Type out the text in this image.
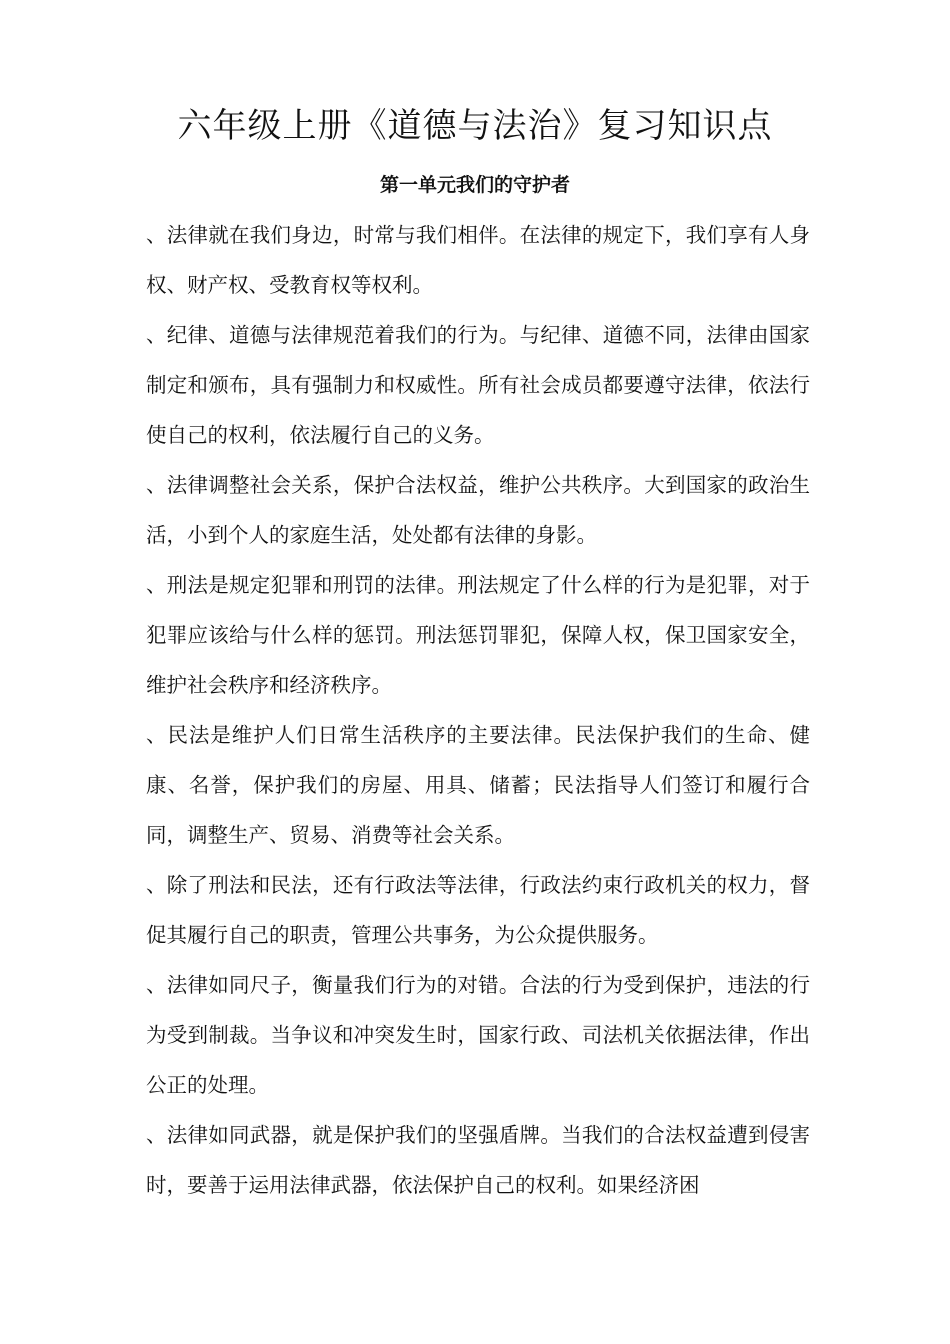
六年级上册《道德与法治》复习知识点
第一单元我们的守护者

、法律就在我们身边，时常与我们相伴。在法律的规定下，我们享有人身权、财产权、受教育权等权利。

、纪律、道德与法律规范着我们的行为。与纪律、道德不同，法律由国家制定和颁布，具有强制力和权威性。所有社会成员都要遵守法律，依法行使自己的权利，依法履行自己的义务。

、法律调整社会关系，保护合法权益，维护公共秩序。大到国家的政治生活，小到个人的家庭生活，处处都有法律的身影。

、刑法是规定犯罪和刑罚的法律。刑法规定了什么样的行为是犯罪，对于犯罪应该给与什么样的惩罚。刑法惩罚罪犯，保障人权，保卫国家安全，维护社会秩序和经济秩序。

、民法是维护人们日常生活秩序的主要法律。民法保护我们的生命、健康、名誉，保护我们的房屋、用具、储蓄；民法指导人们签订和履行合同，调整生产、贸易、消费等社会关系。

、除了刑法和民法，还有行政法等法律，行政法约束行政机关的权力，督促其履行自己的职责，管理公共事务，为公众提供服务。

、法律如同尺子，衡量我们行为的对错。合法的行为受到保护，违法的行为受到制裁。当争议和冲突发生时，国家行政、司法机关依据法律，作出公正的处理。

、法律如同武器，就是保护我们的坚强盾牌。当我们的合法权益遭到侵害时，要善于运用法律武器，依法保护自己的权利。如果经济困
